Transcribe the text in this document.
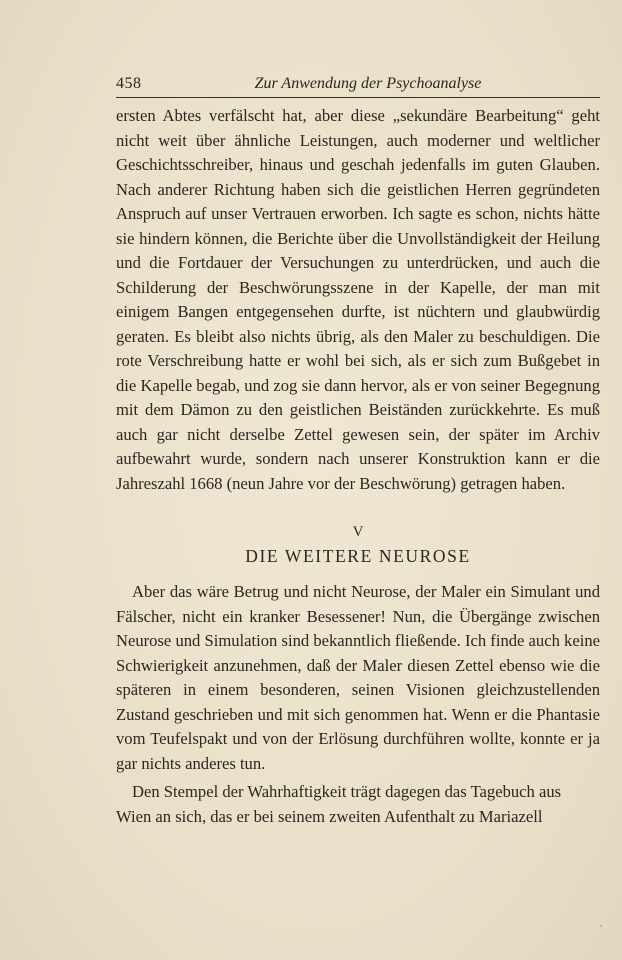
458	Zur Anwendung der Psychoanalyse

ersten Abtes verfälscht hat, aber diese „sekundäre Bearbeitung“ geht nicht weit über ähnliche Leistungen, auch moderner und weltlicher Geschichtsschreiber, hinaus und geschah jedenfalls im guten Glauben. Nach anderer Richtung haben sich die geistlichen Herren gegründeten Anspruch auf unser Vertrauen erworben. Ich sagte es schon, nichts hätte sie hindern können, die Berichte über die Unvollständigkeit der Heilung und die Fortdauer der Versuchungen zu unterdrücken, und auch die Schilderung der Beschwörungsszene in der Kapelle, der man mit einigem Bangen entgegensehen durfte, ist nüchtern und glaubwürdig geraten. Es bleibt also nichts übrig, als den Maler zu beschuldigen. Die rote Verschreibung hatte er wohl bei sich, als er sich zum Bußgebet in die Kapelle begab, und zog sie dann hervor, als er von seiner Begegnung mit dem Dämon zu den geistlichen Beiständen zurückkehrte. Es muß auch gar nicht derselbe Zettel gewesen sein, der später im Archiv aufbewahrt wurde, sondern nach unserer Konstruktion kann er die Jahreszahl 1668 (neun Jahre vor der Beschwörung) getragen haben.

V
DIE WEITERE NEUROSE

Aber das wäre Betrug und nicht Neurose, der Maler ein Simulant und Fälscher, nicht ein kranker Besessener! Nun, die Übergänge zwischen Neurose und Simulation sind bekanntlich fließende. Ich finde auch keine Schwierigkeit anzunehmen, daß der Maler diesen Zettel ebenso wie die späteren in einem besonderen, seinen Visionen gleichzustellenden Zustand geschrieben und mit sich genommen hat. Wenn er die Phantasie vom Teufelspakt und von der Erlösung durchführen wollte, konnte er ja gar nichts anderes tun.

Den Stempel der Wahrhaftigkeit trägt dagegen das Tagebuch aus Wien an sich, das er bei seinem zweiten Aufenthalt zu Mariazell
